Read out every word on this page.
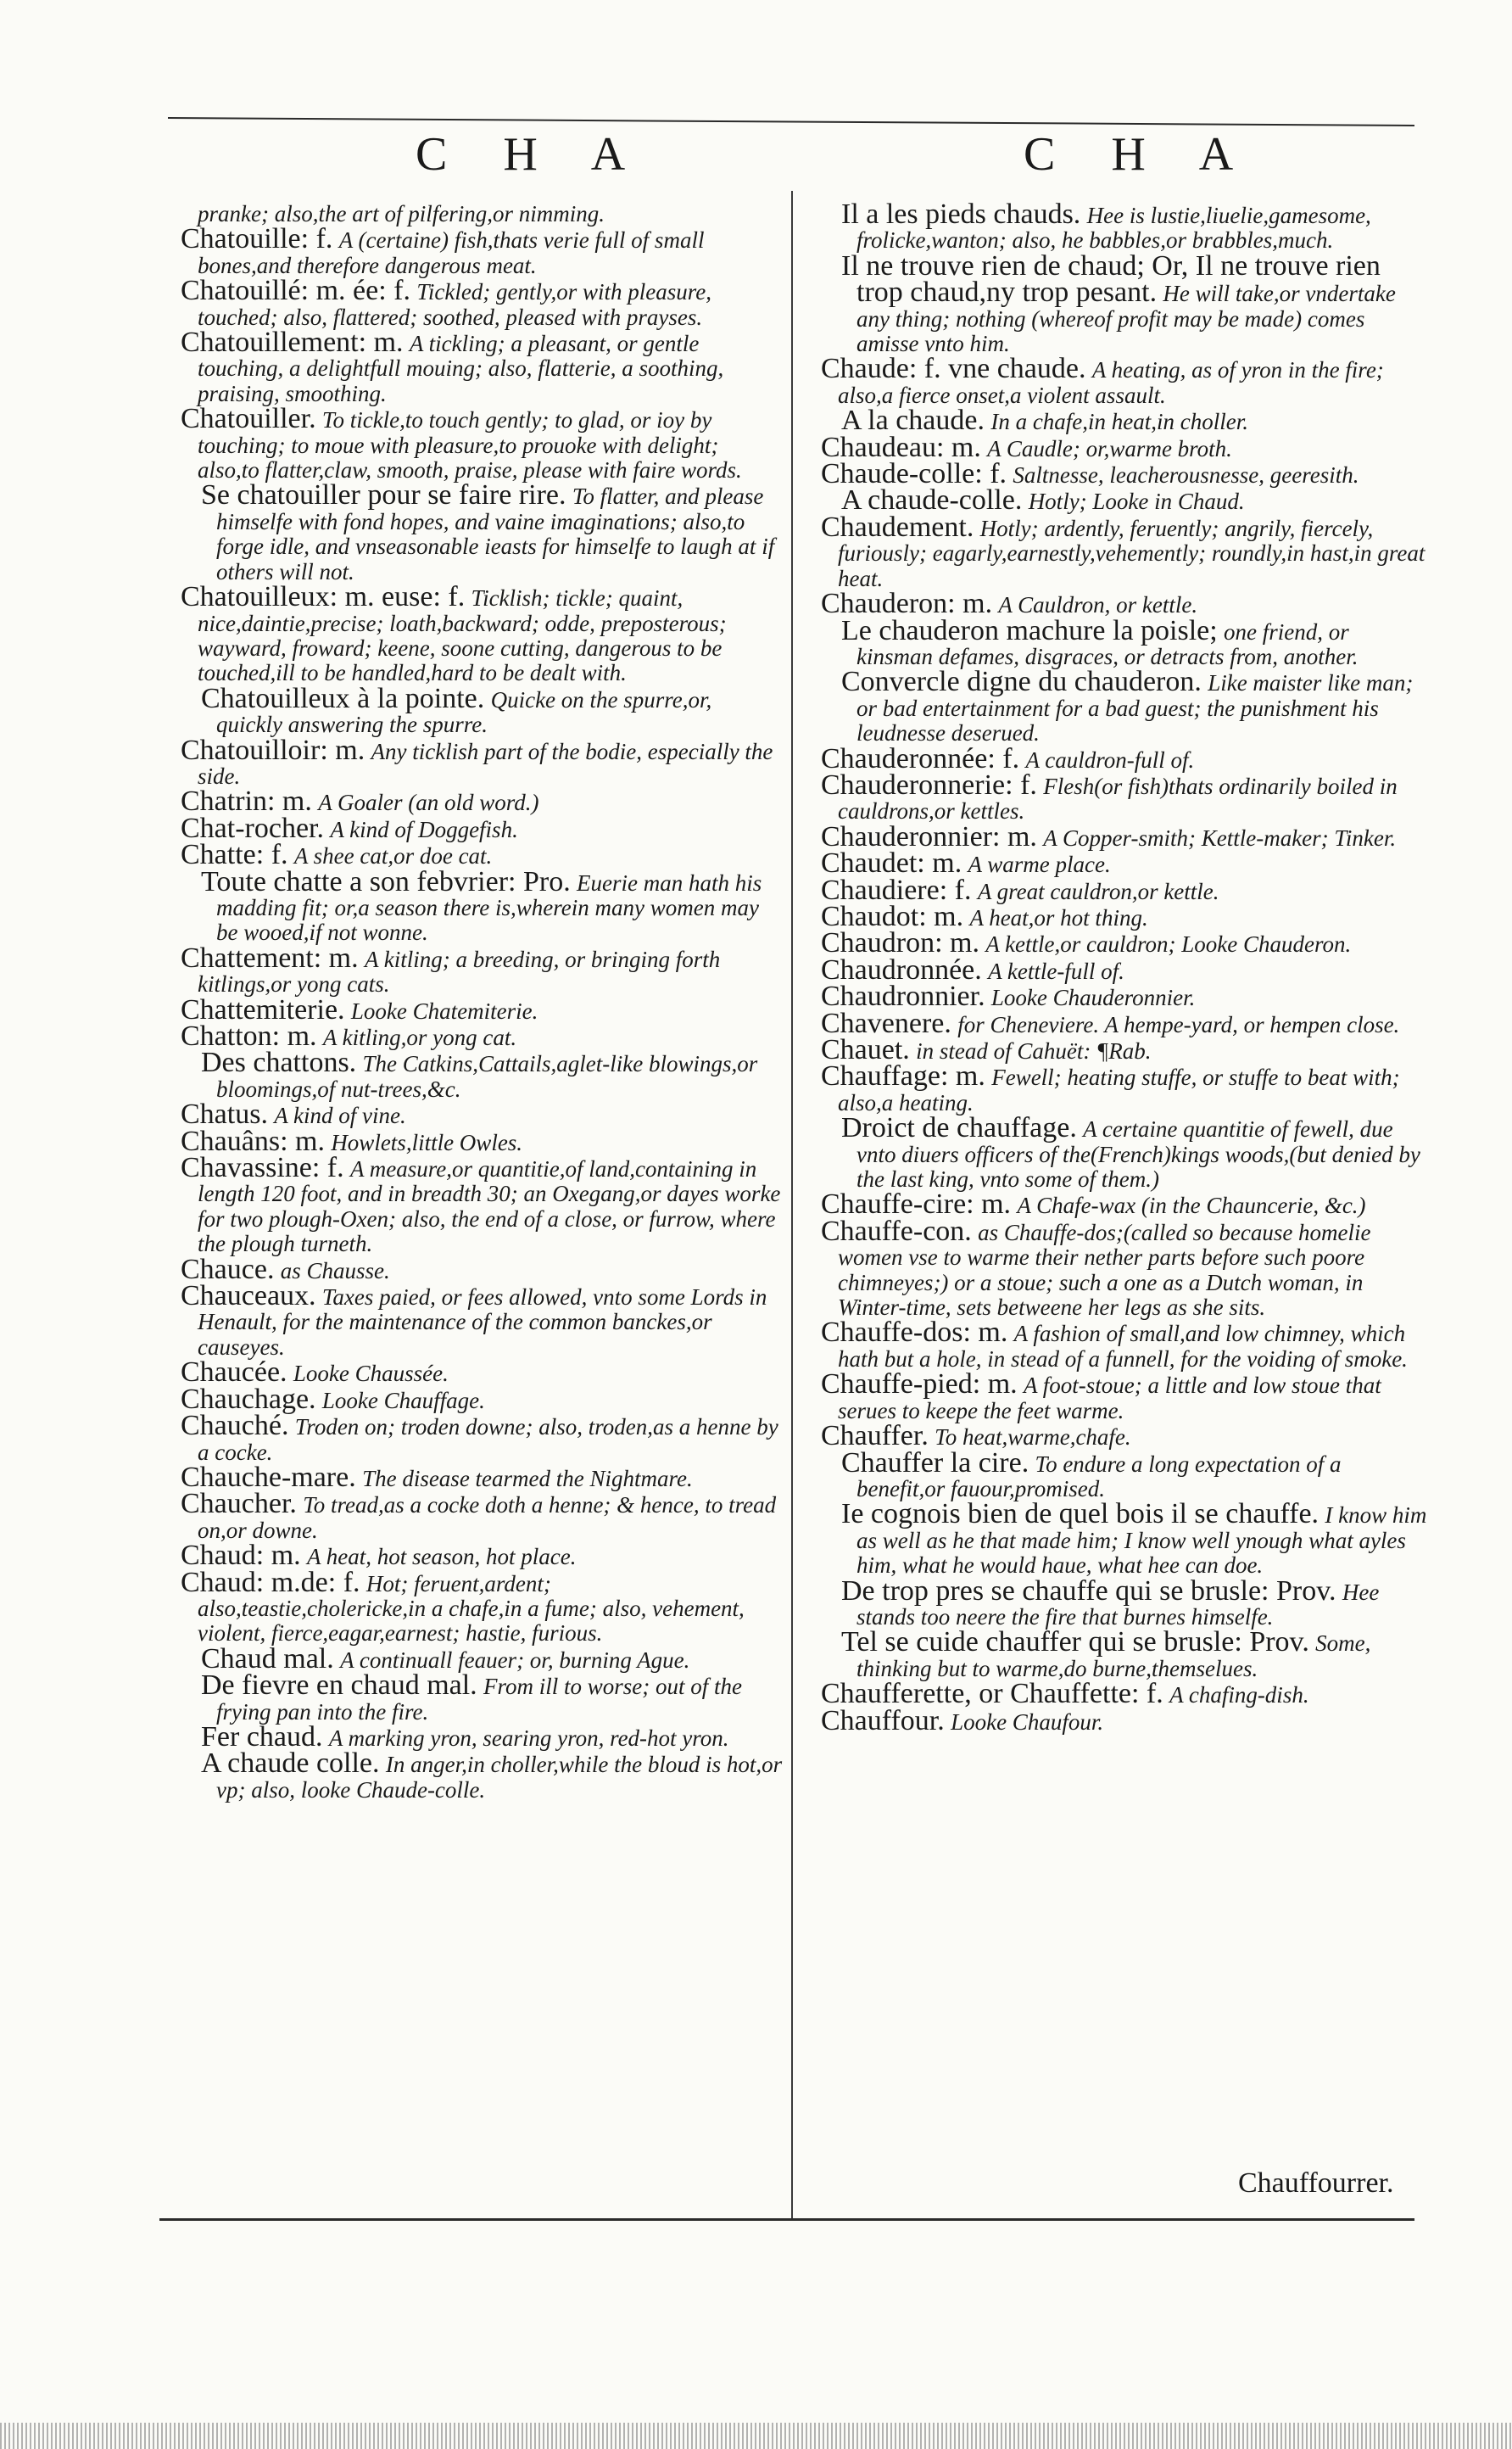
C H A	C H A

pranke; also,the art of pilfering,or nimming.

Chatouille: f. A (certaine) fish,thats verie full of small bones,and therefore dangerous meat.

Chatouillé: m. ée: f. Tickled; gently,or with pleasure, touched; also, flattered; soothed, pleased with prayses.

Chatouillement: m. A tickling; a pleasant, or gentle touching, a delightfull mouing; also, flatterie, a soothing, praising, smoothing.

Chatouiller. To tickle,to touch gently; to glad, or ioy by touching; to moue with pleasure,to prouoke with delight; also,to flatter,claw, smooth, praise, please with faire words.

Se chatouiller pour se faire rire. To flatter, and please himselfe with fond hopes, and vaine imaginations; also,to forge idle, and vnseasonable ieasts for himselfe to laugh at if others will not.

Chatouilleux: m. euse: f. Ticklish; tickle; quaint, nice,daintie,precise; loath,backward; odde, preposterous; wayward, froward; keene, soone cutting, dangerous to be touched,ill to be handled,hard to be dealt with.

Chatouilleux à la pointe. Quicke on the spurre,or, quickly answering the spurre.

Chatouilloir: m. Any ticklish part of the bodie, especially the side.

Chatrin: m. A Goaler (an old word.)

Chat-rocher. A kind of Doggefish.

Chatte: f. A shee cat,or doe cat.

Toute chatte a son febvrier: Pro. Euerie man hath his madding fit; or,a season there is,wherein many women may be wooed,if not wonne.

Chattement: m. A kitling; a breeding, or bringing forth kitlings,or yong cats.

Chattemiterie. Looke Chatemiterie.

Chatton: m. A kitling,or yong cat.

Des chattons. The Catkins,Cattails,aglet-like blowings,or bloomings,of nut-trees,&c.

Chatus. A kind of vine.

Chauâns: m. Howlets,little Owles.

Chavassine: f. A measure,or quantitie,of land,containing in length 120 foot, and in breadth 30; an Oxegang,or dayes worke for two plough-Oxen; also, the end of a close, or furrow, where the plough turneth.

Chauce. as Chausse.

Chauceaux. Taxes paied, or fees allowed, vnto some Lords in Henault, for the maintenance of the common banckes,or causeyes.

Chaucée. Looke Chaussée.

Chauchage. Looke Chauffage.

Chauché. Troden on; troden downe; also, troden,as a henne by a cocke.

Chauche-mare. The disease tearmed the Nightmare.

Chaucher. To tread,as a cocke doth a henne; & hence, to tread on,or downe.

Chaud: m. A heat, hot season, hot place.

Chaud: m.de: f. Hot; feruent,ardent; also,teastie,cholericke,in a chafe,in a fume; also, vehement, violent, fierce,eagar,earnest; hastie, furious.

Chaud mal. A continuall feauer; or, burning Ague.

De fievre en chaud mal. From ill to worse; out of the frying pan into the fire.

Fer chaud. A marking yron, searing yron, red-hot yron.

A chaude colle. In anger,in choller,while the bloud is hot,or vp; also, looke Chaude-colle.

Il a les pieds chauds. Hee is lustie,liuelie,gamesome, frolicke,wanton; also, he babbles,or brabbles,much.

Il ne trouve rien de chaud; Or, Il ne trouve rien trop chaud,ny trop pesant. He will take,or vndertake any thing; nothing (whereof profit may be made) comes amisse vnto him.

Chaude: f. vne chaude. A heating, as of yron in the fire; also,a fierce onset,a violent assault.

A la chaude. In a chafe,in heat,in choller.

Chaudeau: m. A Caudle; or,warme broth.

Chaude-colle: f. Saltnesse, leacherousnesse, geeresith.

A chaude-colle. Hotly; Looke in Chaud.

Chaudement. Hotly; ardently, feruently; angrily, fiercely, furiously; eagarly,earnestly,vehemently; roundly,in hast,in great heat.

Chauderon: m. A Cauldron, or kettle.

Le chauderon machure la poisle; one friend, or kinsman defames, disgraces, or detracts from, another.

Convercle digne du chauderon. Like maister like man; or bad entertainment for a bad guest; the punishment his leudnesse deserued.

Chauderonnée: f. A cauldron-full of.

Chauderonnerie: f. Flesh(or fish)thats ordinarily boiled in cauldrons,or kettles.

Chauderonnier: m. A Copper-smith; Kettle-maker; Tinker.

Chaudet: m. A warme place.

Chaudiere: f. A great cauldron,or kettle.

Chaudot: m. A heat,or hot thing.

Chaudron: m. A kettle,or cauldron; Looke Chauderon.

Chaudronnée. A kettle-full of.

Chaudronnier. Looke Chauderonnier.

Chavenere. for Cheneviere. A hempe-yard, or hempen close.

Chauet. in stead of Cahuët: ¶Rab.

Chauffage: m. Fewell; heating stuffe, or stuffe to beat with; also,a heating.

Droict de chauffage. A certaine quantitie of fewell, due vnto diuers officers of the(French)kings woods,(but denied by the last king, vnto some of them.)

Chauffe-cire: m. A Chafe-wax (in the Chauncerie, &c.)

Chauffe-con. as Chauffe-dos;(called so because homelie women vse to warme their nether parts before such poore chimneyes;) or a stoue; such a one as a Dutch woman, in Winter-time, sets betweene her legs as she sits.

Chauffe-dos: m. A fashion of small,and low chimney, which hath but a hole, in stead of a funnell, for the voiding of smoke.

Chauffe-pied: m. A foot-stoue; a little and low stoue that serues to keepe the feet warme.

Chauffer. To heat,warme,chafe.

Chauffer la cire. To endure a long expectation of a benefit,or fauour,promised.

Ie cognois bien de quel bois il se chauffe. I know him as well as he that made him; I know well ynough what ayles him, what he would haue, what hee can doe.

De trop pres se chauffe qui se brusle: Prov. Hee stands too neere the fire that burnes himselfe.

Tel se cuide chauffer qui se brusle: Prov. Some, thinking but to warme,do burne,themselues.

Chaufferette, or Chauffette: f. A chafing-dish.

Chauffour. Looke Chaufour.

Chauffourrer.
